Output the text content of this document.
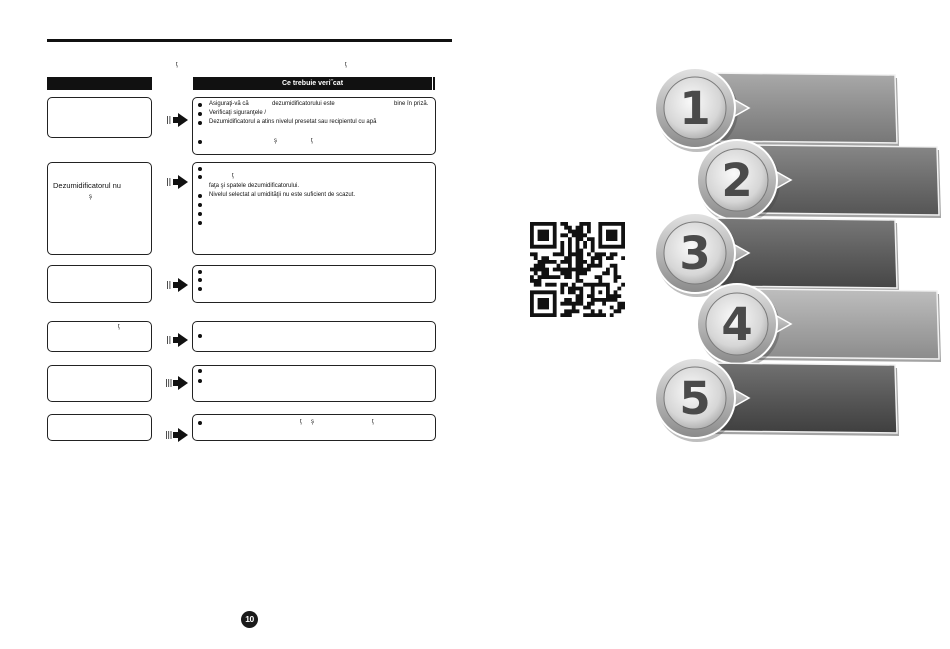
ţ	ţ
Ce trebuie veri˝cat
Asiguraţi-vă că	dezumidificatorului este	bine în priză.
Verificaţi siguranţele /
Dezumidificatorul a atins nivelul presetat sau recipientul cu apă
ş	ţ
Dezumidificatorul nu
ş
ţ
faţa şi spatele dezumidificatorului.
Nivelul selectat al umidităţii nu este suficient de scazut.
ţ
ţ ş	ţ
10
1
2
3
4
5
